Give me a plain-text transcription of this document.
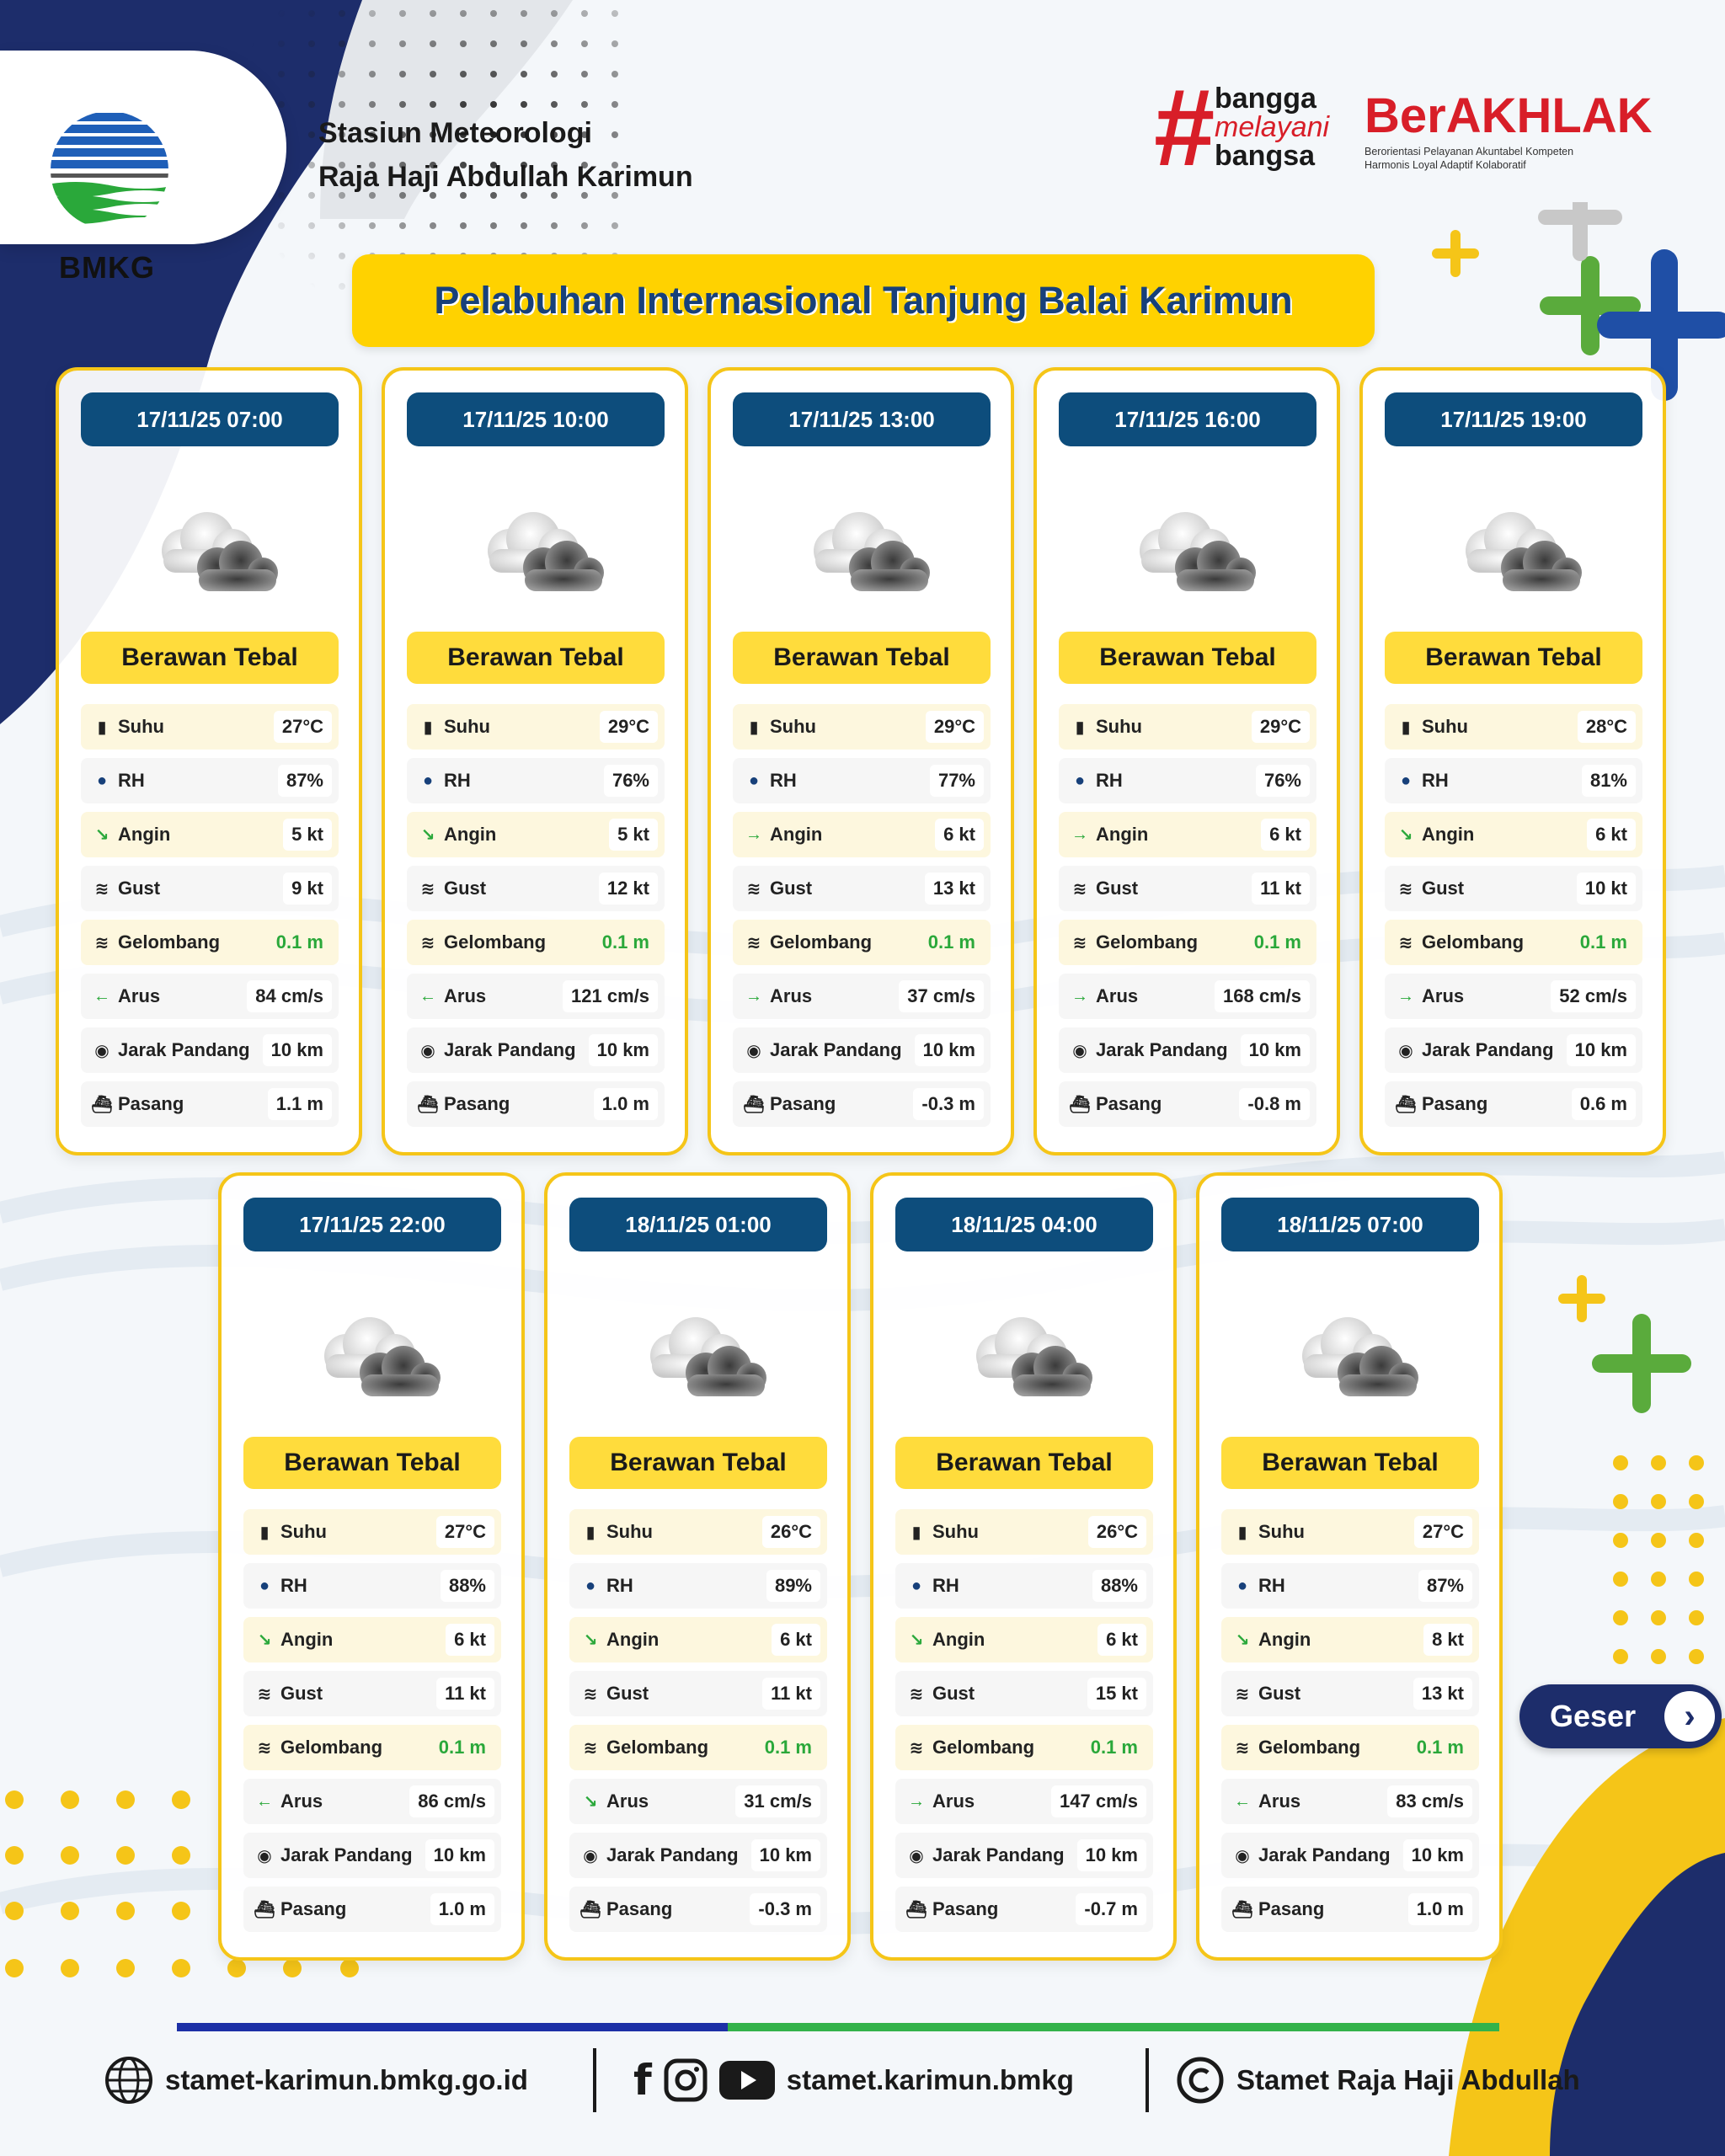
BMKG
Stasiun Meteorologi
Raja Haji Abdullah Karimun	# bangga
melayani
bangsa
BerAKHLAK
Berorientasi Pelayanan Akuntabel Kompeten
Harmonis Loyal Adaptif Kolaboratif
Pelabuhan Internasional Tanjung Balai Karimun
17/11/25 07:00
Berawan Tebal
▮ Suhu	27°C
● RH	87%
↘ Angin	5 kt
≋ Gust	9 kt
≋ Gelombang	0.1 m
← Arus	84 cm/s
◉ Jarak Pandang	10 km
⛴ Pasang	1.1 m
17/11/25 10:00
Berawan Tebal
▮ Suhu	29°C
● RH	76%
↘ Angin	5 kt
≋ Gust	12 kt
≋ Gelombang	0.1 m
← Arus	121 cm/s
◉ Jarak Pandang	10 km
⛴ Pasang	1.0 m
17/11/25 13:00
Berawan Tebal
▮ Suhu	29°C
● RH	77%
→ Angin	6 kt
≋ Gust	13 kt
≋ Gelombang	0.1 m
→ Arus	37 cm/s
◉ Jarak Pandang	10 km
⛴ Pasang	-0.3 m
17/11/25 16:00
Berawan Tebal
▮ Suhu	29°C
● RH	76%
→ Angin	6 kt
≋ Gust	11 kt
≋ Gelombang	0.1 m
→ Arus	168 cm/s
◉ Jarak Pandang	10 km
⛴ Pasang	-0.8 m
17/11/25 19:00
Berawan Tebal
▮ Suhu	28°C
● RH	81%
↘ Angin	6 kt
≋ Gust	10 kt
≋ Gelombang	0.1 m
→ Arus	52 cm/s
◉ Jarak Pandang	10 km
⛴ Pasang	0.6 m
17/11/25 22:00
Berawan Tebal
▮ Suhu	27°C
● RH	88%
↘ Angin	6 kt
≋ Gust	11 kt
≋ Gelombang	0.1 m
← Arus	86 cm/s
◉ Jarak Pandang	10 km
⛴ Pasang	1.0 m
18/11/25 01:00
Berawan Tebal
▮ Suhu	26°C
● RH	89%
↘ Angin	6 kt
≋ Gust	11 kt
≋ Gelombang	0.1 m
↘ Arus	31 cm/s
◉ Jarak Pandang	10 km
⛴ Pasang	-0.3 m
18/11/25 04:00
Berawan Tebal
▮ Suhu	26°C
● RH	88%
↘ Angin	6 kt
≋ Gust	15 kt
≋ Gelombang	0.1 m
→ Arus	147 cm/s
◉ Jarak Pandang	10 km
⛴ Pasang	-0.7 m
18/11/25 07:00
Berawan Tebal
▮ Suhu	27°C
● RH	87%
↘ Angin	8 kt
≋ Gust	13 kt
≋ Gelombang	0.1 m
← Arus	83 cm/s
◉ Jarak Pandang	10 km
⛴ Pasang	1.0 m
Geser	›
stamet-karimun.bmkg.go.id	f	stamet.karimun.bmkg	Stamet Raja Haji Abdullah
